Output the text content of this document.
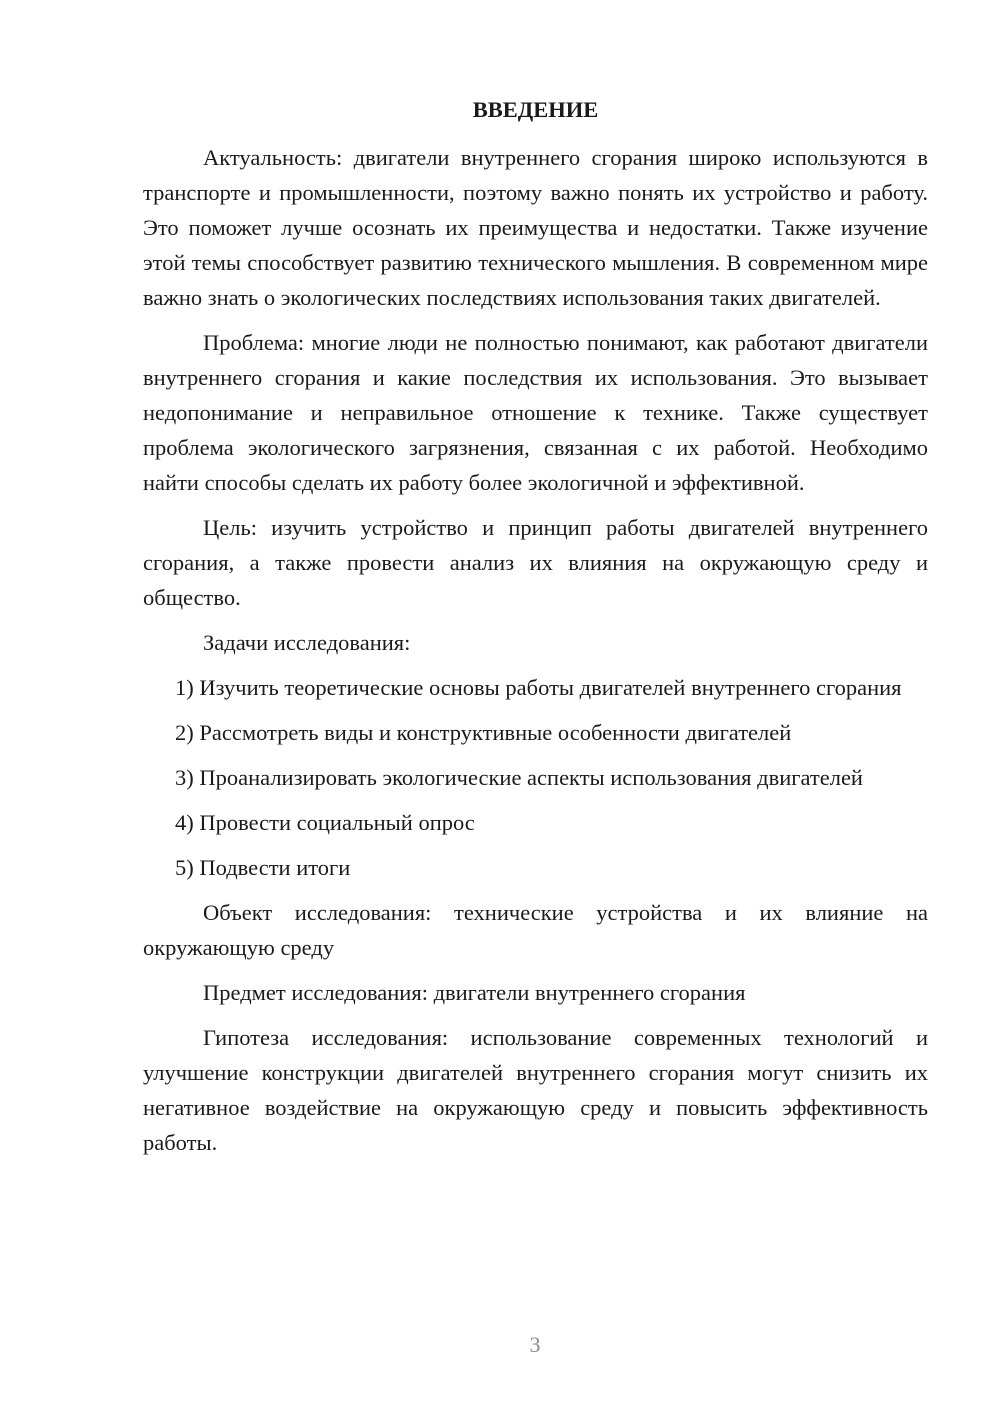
ВВЕДЕНИЕ

Актуальность: двигатели внутреннего сгорания широко используются в транспорте и промышленности, поэтому важно понять их устройство и работу. Это поможет лучше осознать их преимущества и недостатки. Также изучение этой темы способствует развитию технического мышления. В современном мире важно знать о экологических последствиях использования таких двигателей.

Проблема: многие люди не полностью понимают, как работают двигатели внутреннего сгорания и какие последствия их использования. Это вызывает недопонимание и неправильное отношение к технике. Также существует проблема экологического загрязнения, связанная с их работой. Необходимо найти способы сделать их работу более экологичной и эффективной.

Цель: изучить устройство и принцип работы двигателей внутреннего сгорания, а также провести анализ их влияния на окружающую среду и общество.

Задачи исследования:

1) Изучить теоретические основы работы двигателей внутреннего сгорания

2) Рассмотреть виды и конструктивные особенности двигателей

3) Проанализировать экологические аспекты использования двигателей

4) Провести социальный опрос

5) Подвести итоги

Объект исследования: технические устройства и их влияние на окружающую среду

Предмет исследования: двигатели внутреннего сгорания

Гипотеза исследования: использование современных технологий и улучшение конструкции двигателей внутреннего сгорания могут снизить их негативное воздействие на окружающую среду и повысить эффективность работы.

3
